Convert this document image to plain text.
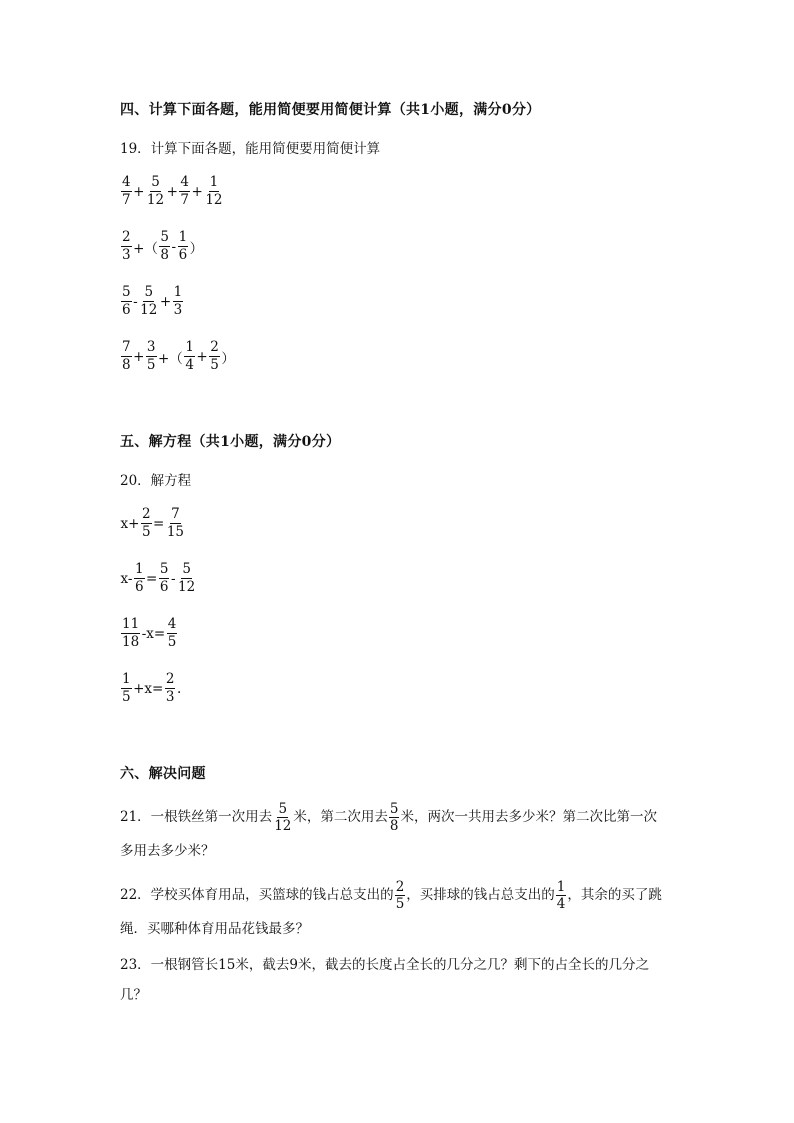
四、计算下面各题，能用简便要用简便计算（共1小题，满分0分）
19．计算下面各题，能用简便要用简便计算
$\frac{4}{7} + \frac{5}{12} + \frac{4}{7} + \frac{1}{12}$
$\frac{2}{3}$ +（ $\frac{5}{8} - \frac{1}{6}$ ）
$\frac{5}{6} - \frac{5}{12} + \frac{1}{3}$
$\frac{7}{8} + \frac{3}{5}$ +（ $\frac{1}{4} + \frac{2}{5}$ ）
五、解方程（共1小题，满分0分）
20．解方程
$x+ \frac{2}{5} = \frac{7}{15}$
$x- \frac{1}{6} = \frac{5}{6} - \frac{5}{12}$
$\frac{11}{18} -x= \frac{4}{5}$
$\frac{1}{5} +x= \frac{2}{3}$ .
六、解决问题
21．一根铁丝第一次用去 $\frac{5}{12}$ 米，第二次用去 $\frac{5}{8}$ 米，两次一共用去多少米？第二次比第一次
多用去多少米？
22．学校买体育用品，买篮球的钱占总支出的 $\frac{2}{5}$ ，买排球的钱占总支出的 $\frac{1}{4}$ ，其余的买了跳
绳．买哪种体育用品花钱最多？
23．一根钢管长15米，截去9米，截去的长度占全长的几分之几？剩下的占全长的几分之
几？
